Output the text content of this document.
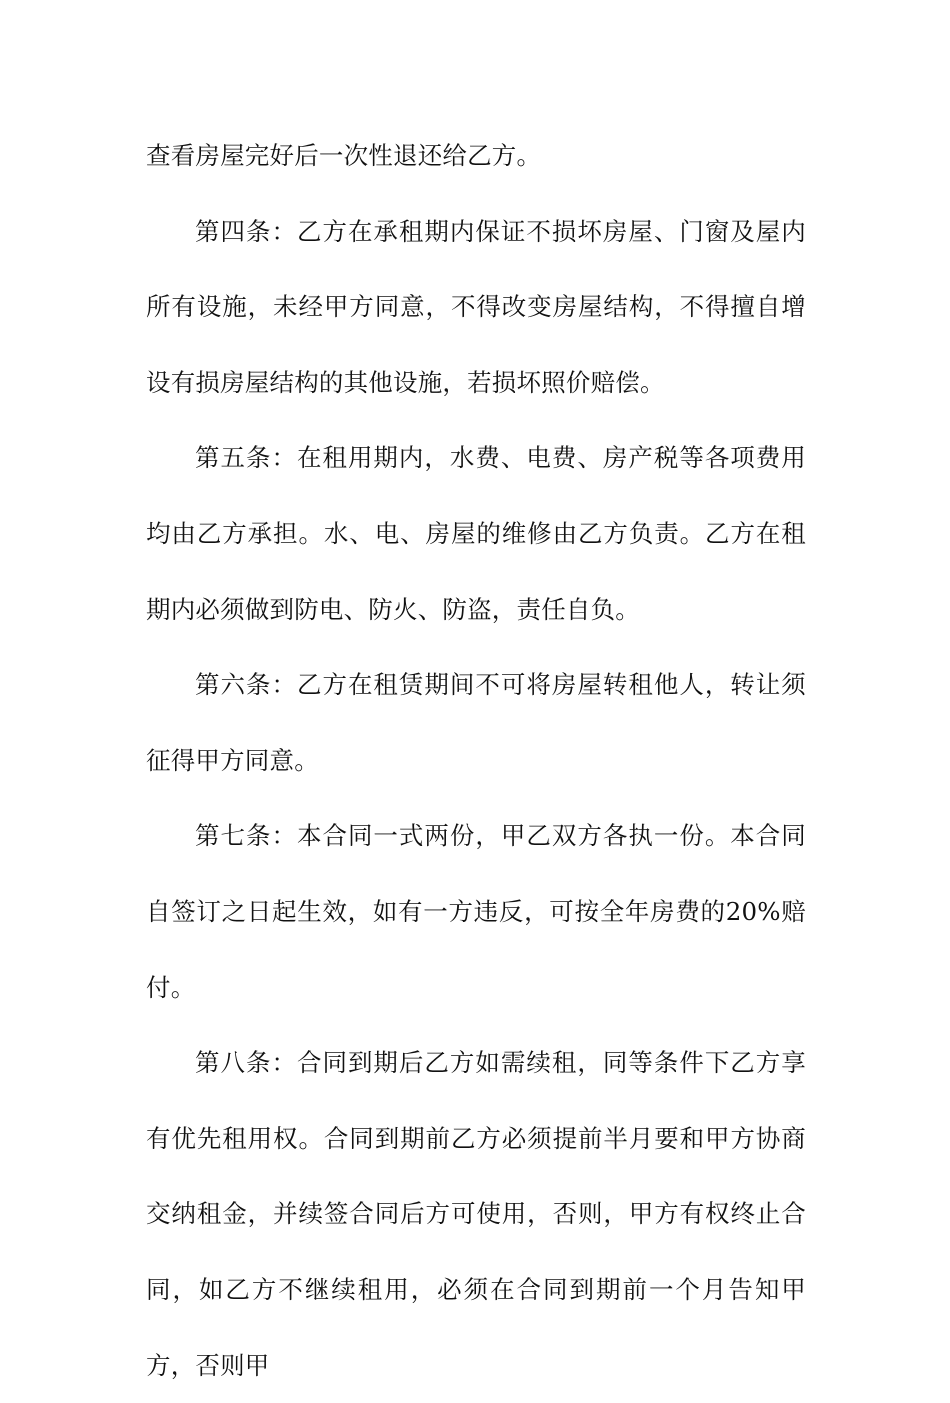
查看房屋完好后一次性退还给乙方。

第四条：乙方在承租期内保证不损坏房屋、门窗及屋内所有设施，未经甲方同意，不得改变房屋结构，不得擅自增设有损房屋结构的其他设施，若损坏照价赔偿。

第五条：在租用期内，水费、电费、房产税等各项费用均由乙方承担。水、电、房屋的维修由乙方负责。乙方在租期内必须做到防电、防火、防盗，责任自负。

第六条：乙方在租赁期间不可将房屋转租他人，转让须征得甲方同意。

第七条：本合同一式两份，甲乙双方各执一份。本合同自签订之日起生效，如有一方违反，可按全年房费的20%赔付。

第八条：合同到期后乙方如需续租，同等条件下乙方享有优先租用权。合同到期前乙方必须提前半月要和甲方协商交纳租金，并续签合同后方可使用，否则，甲方有权终止合同，如乙方不继续租用，必须在合同到期前一个月告知甲方，否则甲
